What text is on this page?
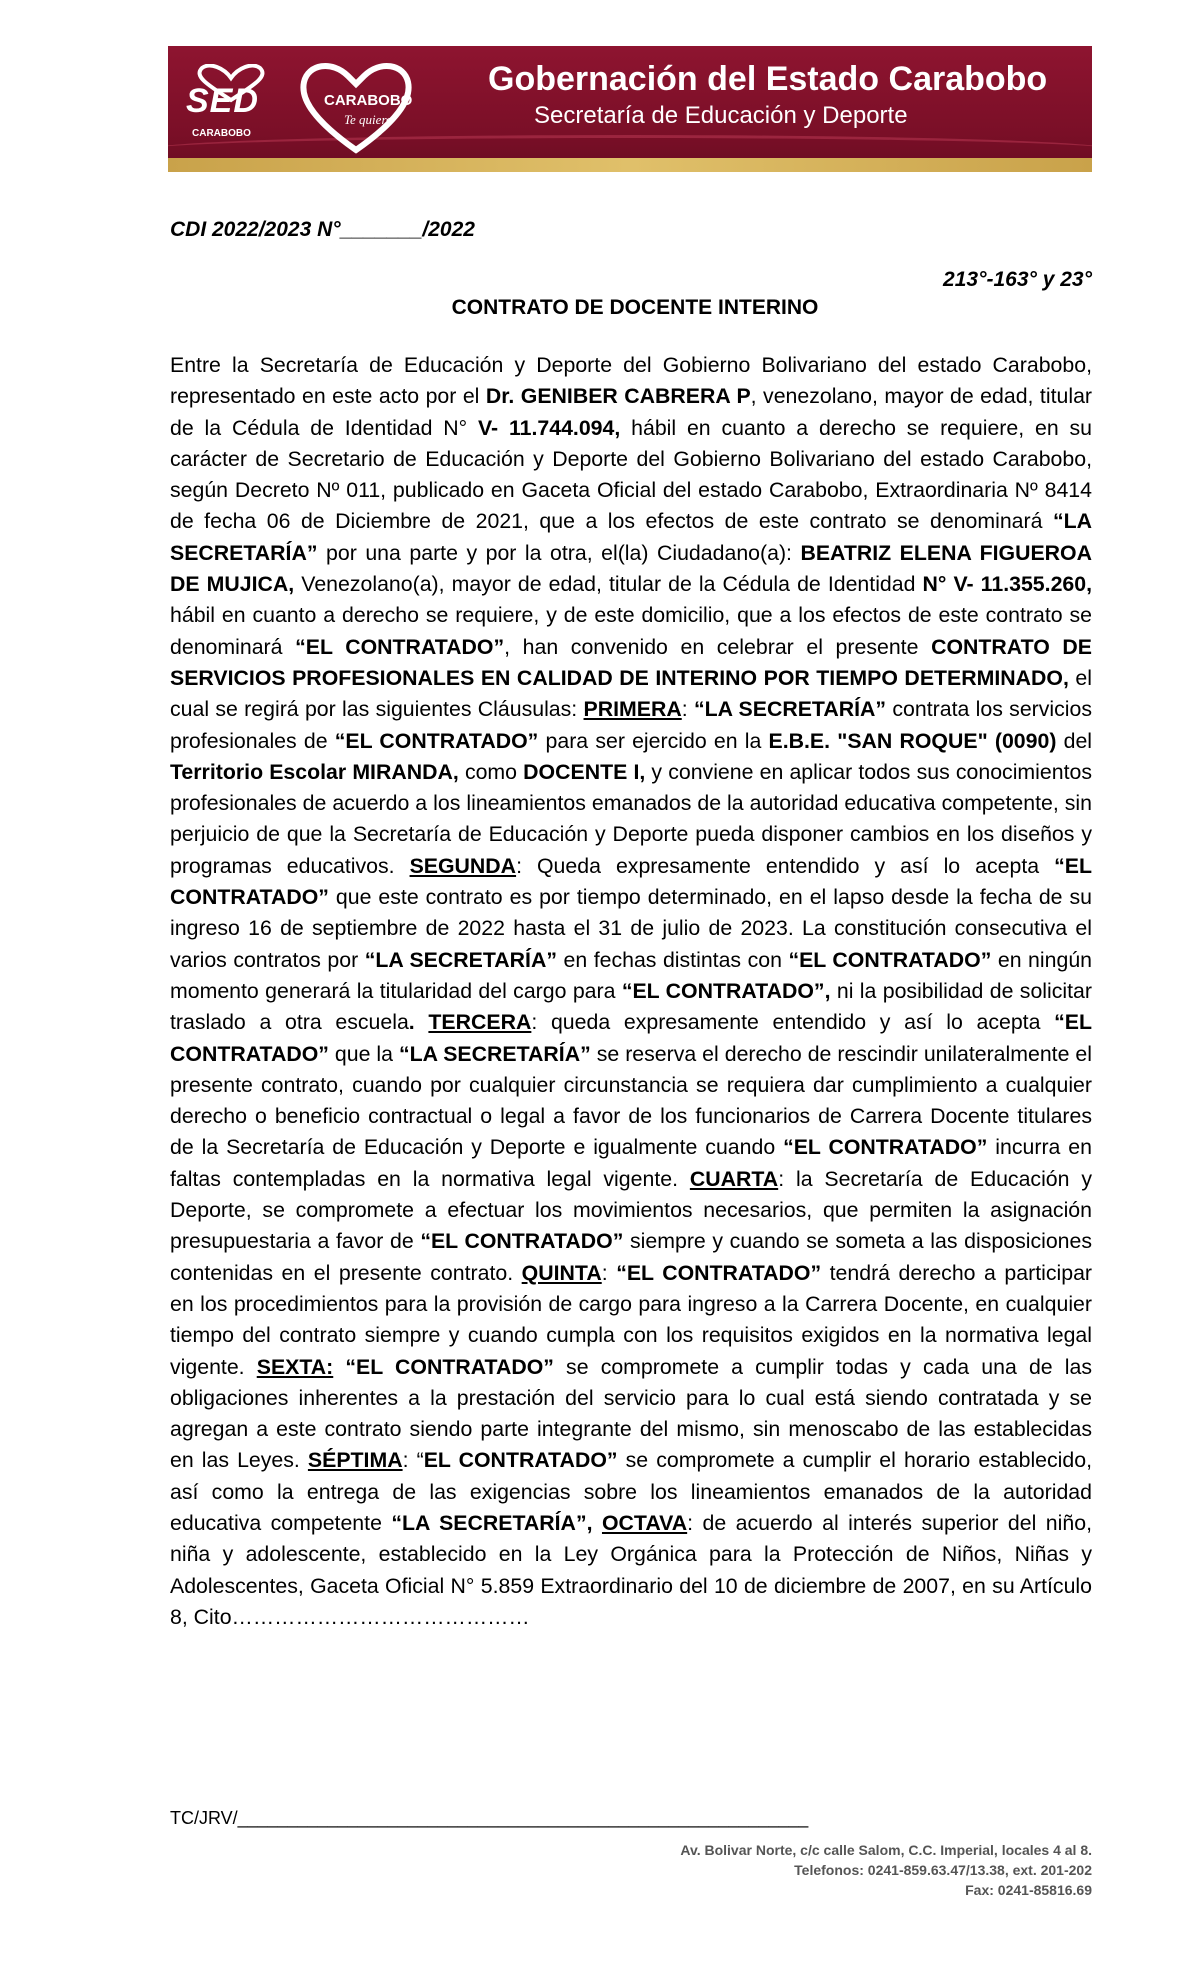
SED
CARABOBO
CARABOBO
Te quiero
Gobernación del Estado Carabobo
Secretaría de Educación y Deporte
CDI 2022/2023 N°_______/2022
213°-163° y 23°
CONTRATO DE DOCENTE INTERINO
Entre la Secretaría de Educación y Deporte del Gobierno Bolivariano del estado Carabobo, representado en este acto por el Dr. GENIBER CABRERA P, venezolano, mayor de edad, titular de la Cédula de Identidad N° V- 11.744.094, hábil en cuanto a derecho se requiere, en su carácter de Secretario de Educación y Deporte del Gobierno Bolivariano del estado Carabobo, según Decreto Nº 011, publicado en Gaceta Oficial del estado Carabobo, Extraordinaria Nº 8414 de fecha 06 de Diciembre de 2021, que a los efectos de este contrato se denominará “LA SECRETARÍA” por una parte y por la otra, el(la) Ciudadano(a): BEATRIZ ELENA FIGUEROA DE MUJICA, Venezolano(a), mayor de edad, titular de la Cédula de Identidad N° V- 11.355.260, hábil en cuanto a derecho se requiere, y de este domicilio, que a los efectos de este contrato se denominará “EL CONTRATADO”, han convenido en celebrar el presente CONTRATO DE SERVICIOS PROFESIONALES EN CALIDAD DE INTERINO POR TIEMPO DETERMINADO, el cual se regirá por las siguientes Cláusulas: PRIMERA: “LA SECRETARÍA” contrata los servicios profesionales de “EL CONTRATADO” para ser ejercido en la E.B.E. "SAN ROQUE" (0090) del Territorio Escolar MIRANDA, como DOCENTE I, y conviene en aplicar todos sus conocimientos profesionales de acuerdo a los lineamientos emanados de la autoridad educativa competente, sin perjuicio de que la Secretaría de Educación y Deporte pueda disponer cambios en los diseños y programas educativos. SEGUNDA: Queda expresamente entendido y así lo acepta “EL CONTRATADO” que este contrato es por tiempo determinado, en el lapso desde la fecha de su ingreso 16 de septiembre de 2022 hasta el 31 de julio de 2023. La constitución consecutiva el varios contratos por “LA SECRETARÍA” en fechas distintas con “EL CONTRATADO” en ningún momento generará la titularidad del cargo para “EL CONTRATADO”, ni la posibilidad de solicitar traslado a otra escuela. TERCERA: queda expresamente entendido y así lo acepta “EL CONTRATADO” que la “LA SECRETARÍA” se reserva el derecho de rescindir unilateralmente el presente contrato, cuando por cualquier circunstancia se requiera dar cumplimiento a cualquier derecho o beneficio contractual o legal a favor de los funcionarios de Carrera Docente titulares de la Secretaría de Educación y Deporte e igualmente cuando “EL CONTRATADO” incurra en faltas contempladas en la normativa legal vigente. CUARTA: la Secretaría de Educación y Deporte, se compromete a efectuar los movimientos necesarios, que permiten la asignación presupuestaria a favor de “EL CONTRATADO” siempre y cuando se someta a las disposiciones contenidas en el presente contrato. QUINTA: “EL CONTRATADO” tendrá derecho a participar en los procedimientos para la provisión de cargo para ingreso a la Carrera Docente, en cualquier tiempo del contrato siempre y cuando cumpla con los requisitos exigidos en la normativa legal vigente. SEXTA: “EL CONTRATADO” se compromete a cumplir todas y cada una de las obligaciones inherentes a la prestación del servicio para lo cual está siendo contratada y se agregan a este contrato siendo parte integrante del mismo, sin menoscabo de las establecidas en las Leyes. SÉPTIMA: “EL CONTRATADO” se compromete a cumplir el horario establecido, así como la entrega de las exigencias sobre los lineamientos emanados de la autoridad educativa competente “LA SECRETARÍA”, OCTAVA: de acuerdo al interés superior del niño, niña y adolescente, establecido en la Ley Orgánica para la Protección de Niños, Niñas y Adolescentes, Gaceta Oficial N° 5.859 Extraordinario del 10 de diciembre de 2007, en su Artículo 8, Cito……………………………………
TC/JRV/_________________________________________________________
Av. Bolivar Norte, c/c calle Salom, C.C. Imperial, locales 4 al 8.
Telefonos: 0241-859.63.47/13.38, ext. 201-202
Fax: 0241-85816.69
